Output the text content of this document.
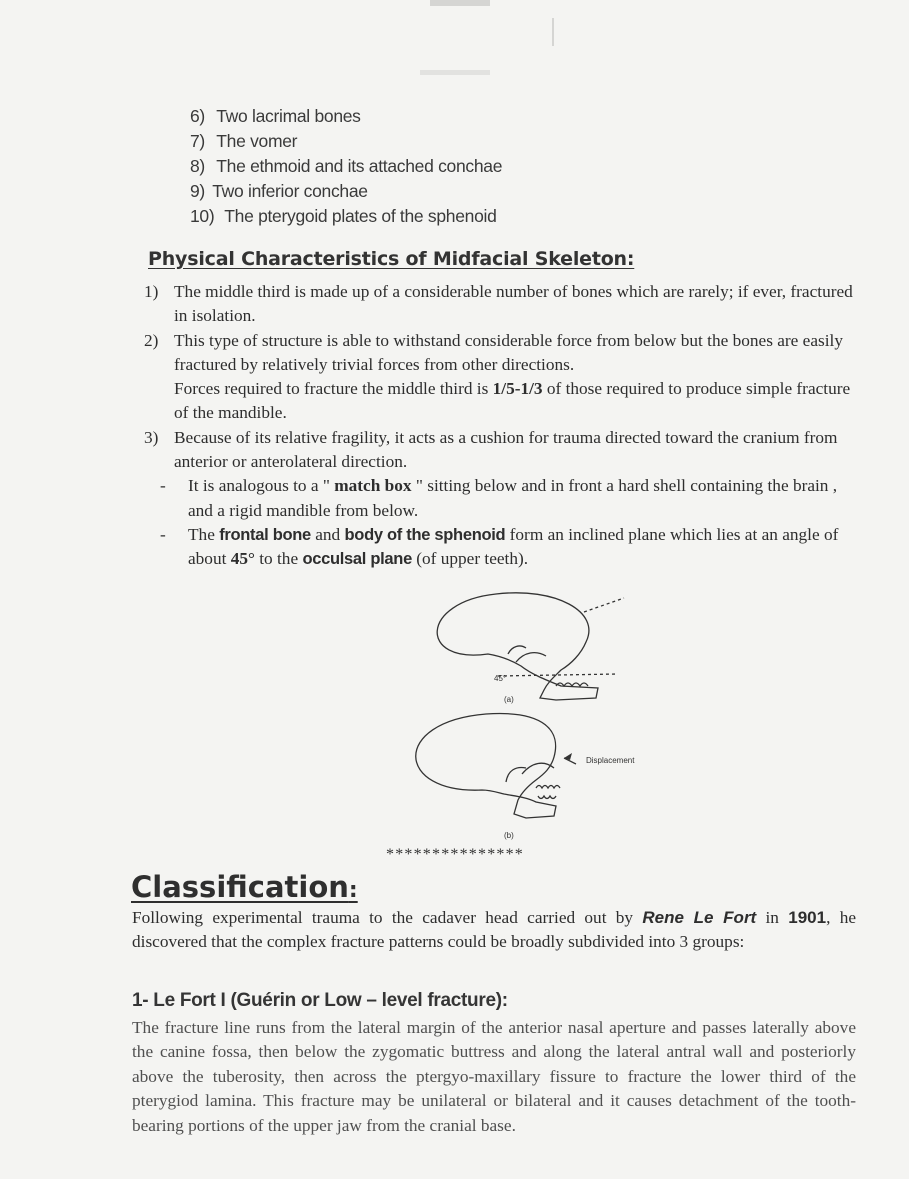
6) Two lacrimal bones
7) The vomer
8) The ethmoid and its attached conchae
9) Two inferior conchae
10) The pterygoid plates of the sphenoid
Physical Characteristics of Midfacial Skeleton:
1) The middle third is made up of a considerable number of bones which are rarely; if ever, fractured in isolation.
2) This type of structure is able to withstand considerable force from below but the bones are easily fractured by relatively trivial forces from other directions.
Forces required to fracture the middle third is 1/5-1/3 of those required to produce simple fracture of the mandible.
3) Because of its relative fragility, it acts as a cushion for trauma directed toward the cranium from anterior or anterolateral direction.
- It is analogous to a " match box " sitting below and in front a hard shell containing the brain , and a rigid mandible from below.
- The frontal bone and body of the sphenoid form an inclined plane which lies at an angle of about 45° to the occulsal plane (of upper teeth).
45°
(a)
Displacement
(b)
***************
Classification:

Following experimental trauma to the cadaver head carried out by Rene Le Fort in 1901, he discovered that the complex fracture patterns could be broadly subdivided into 3 groups:

1- Le Fort I (Guérin or Low – level fracture):

The fracture line runs from the lateral margin of the anterior nasal aperture and passes laterally above the canine fossa, then below the zygomatic buttress and along the lateral antral wall and posteriorly above the tuberosity, then across the ptergyo-maxillary fissure to fracture the lower third of the pterygiod lamina. This fracture may be unilateral or bilateral and it causes detachment of the tooth-bearing portions of the upper jaw from the cranial base.
